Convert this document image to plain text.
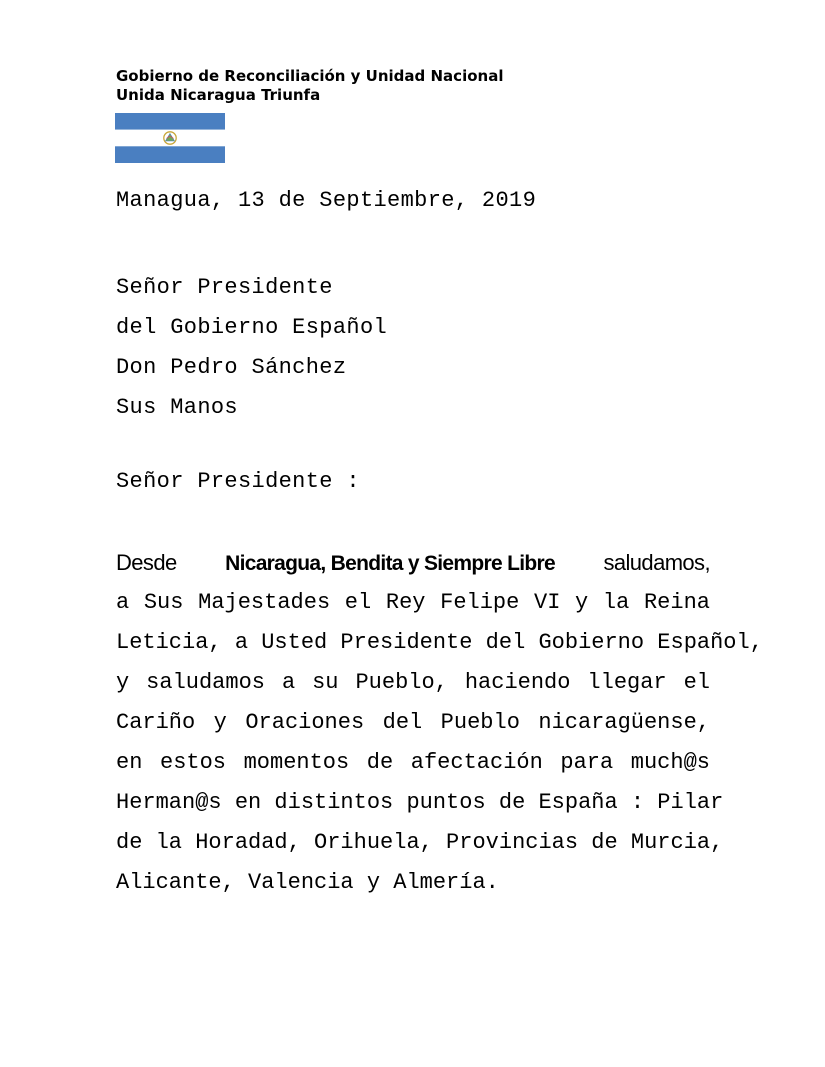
Gobierno de Reconciliación y Unidad Nacional
Unida Nicaragua Triunfa
Managua, 13 de Septiembre, 2019
Señor Presidente
del Gobierno Español
Don Pedro Sánchez
Sus Manos
Señor Presidente :
Desde Nicaragua, Bendita y Siempre Libre saludamos,
a Sus Majestades el Rey Felipe VI y la Reina
Leticia, a Usted Presidente del Gobierno Español,
y saludamos a su Pueblo, haciendo llegar el
Cariño y Oraciones del Pueblo nicaragüense,
en estos momentos de afectación para much@s
Herman@s en distintos puntos de España : Pilar
de la Horadad, Orihuela, Provincias de Murcia,
Alicante, Valencia y Almería.
